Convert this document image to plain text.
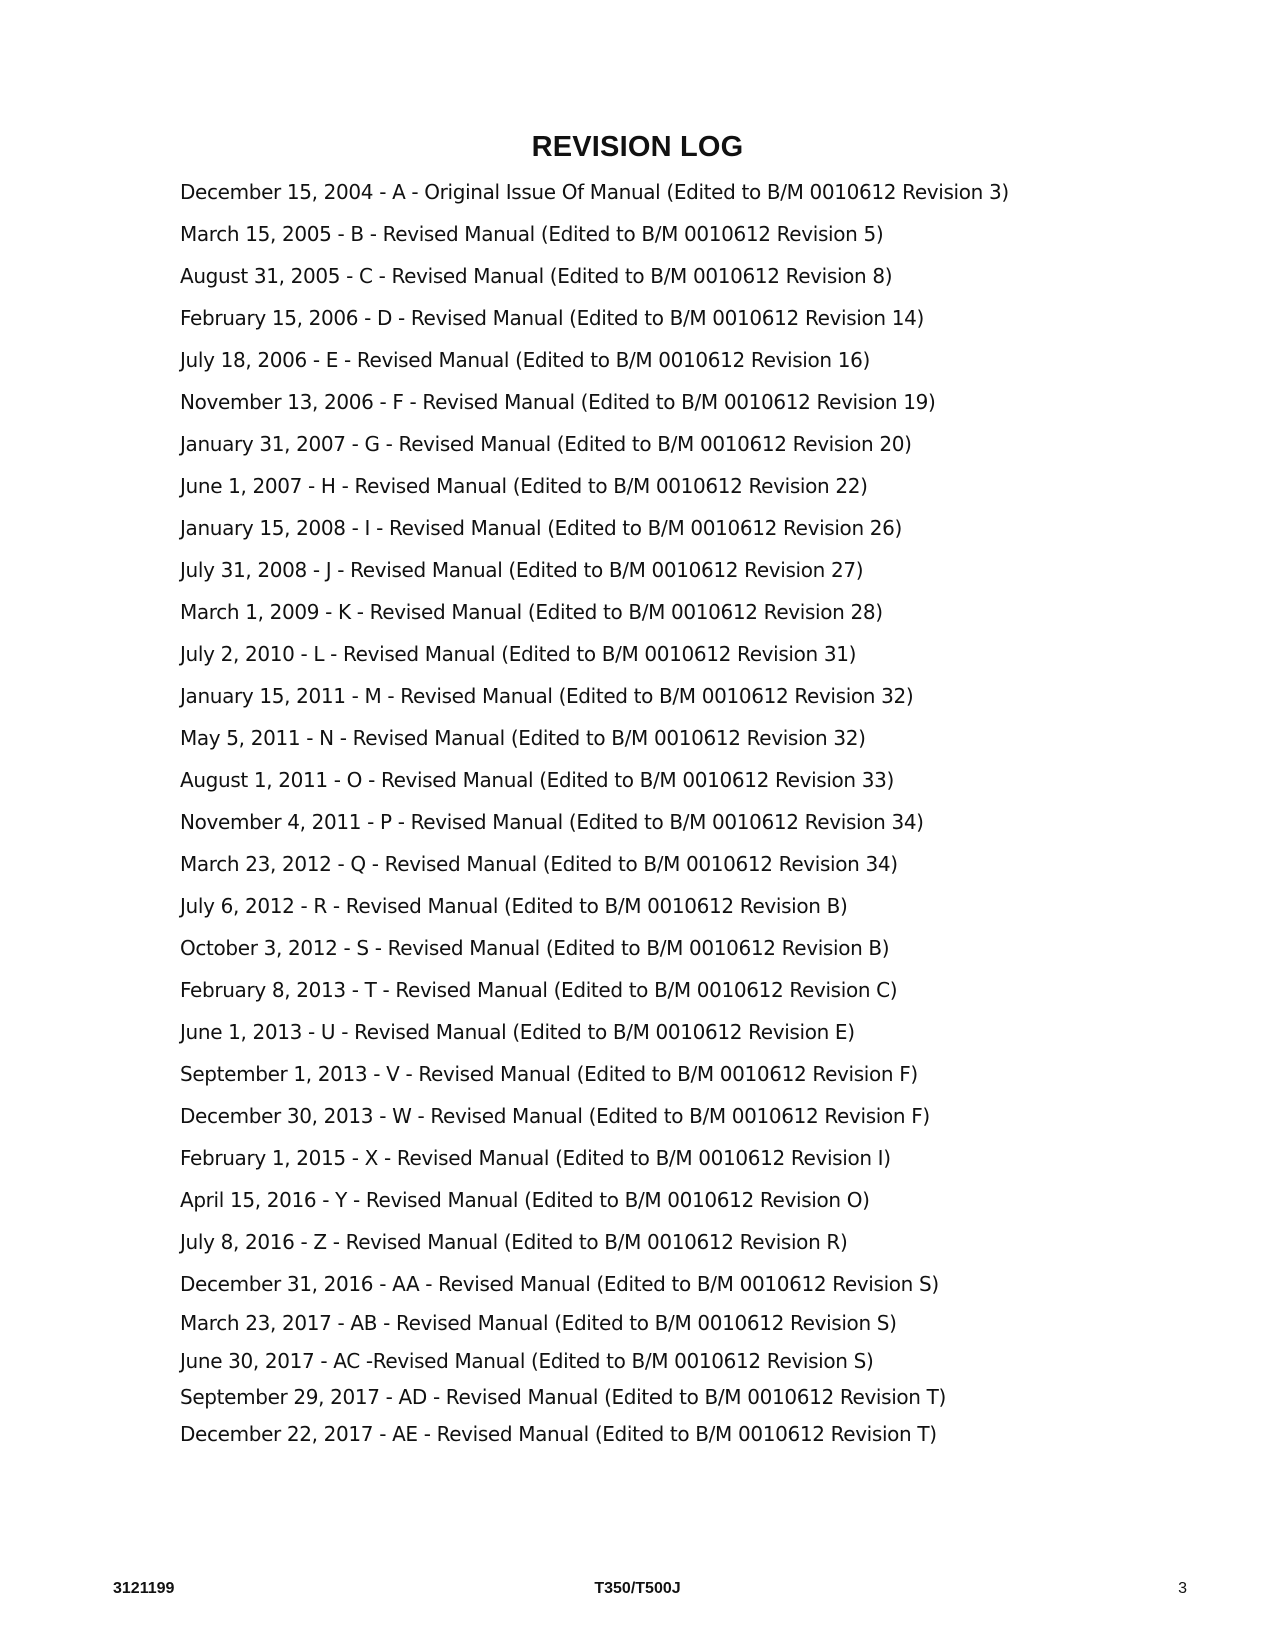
REVISION LOG
December 15, 2004 - A - Original Issue Of Manual (Edited to B/M 0010612 Revision 3)
March 15, 2005 - B - Revised Manual (Edited to B/M 0010612 Revision 5)
August 31, 2005 - C - Revised Manual (Edited to B/M 0010612 Revision 8)
February 15, 2006 - D - Revised Manual (Edited to B/M 0010612 Revision 14)
July 18, 2006 - E - Revised Manual (Edited to B/M 0010612 Revision 16)
November 13, 2006 - F - Revised Manual (Edited to B/M 0010612 Revision 19)
January 31, 2007 - G - Revised Manual (Edited to B/M 0010612 Revision 20)
June 1, 2007 - H - Revised Manual (Edited to B/M 0010612 Revision 22)
January 15, 2008 - I - Revised Manual (Edited to B/M 0010612 Revision 26)
July 31, 2008 - J - Revised Manual (Edited to B/M 0010612 Revision 27)
March 1, 2009 - K - Revised Manual (Edited to B/M 0010612 Revision 28)
July 2, 2010 - L - Revised Manual (Edited to B/M 0010612 Revision 31)
January 15, 2011 - M - Revised Manual (Edited to B/M 0010612 Revision 32)
May 5, 2011 - N - Revised Manual (Edited to B/M 0010612 Revision 32)
August 1, 2011 - O - Revised Manual (Edited to B/M 0010612 Revision 33)
November 4, 2011 - P - Revised Manual (Edited to B/M 0010612 Revision 34)
March 23, 2012 - Q - Revised Manual (Edited to B/M 0010612 Revision 34)
July 6, 2012 - R - Revised Manual (Edited to B/M 0010612 Revision B)
October 3, 2012 - S - Revised Manual (Edited to B/M 0010612 Revision B)
February 8, 2013 - T - Revised Manual (Edited to B/M 0010612 Revision C)
June 1, 2013 - U - Revised Manual (Edited to B/M 0010612 Revision E)
September 1, 2013 - V - Revised Manual (Edited to B/M 0010612 Revision F)
December 30, 2013 - W - Revised Manual (Edited to B/M 0010612 Revision F)
February 1, 2015 - X - Revised Manual (Edited to B/M 0010612 Revision I)
April 15, 2016 - Y - Revised Manual (Edited to B/M 0010612 Revision O)
July 8, 2016 - Z - Revised Manual (Edited to B/M 0010612 Revision R)
December 31, 2016 - AA - Revised Manual (Edited to B/M 0010612 Revision S)
March 23, 2017 - AB - Revised Manual (Edited to B/M 0010612 Revision S)
June 30, 2017 - AC -Revised Manual (Edited to B/M 0010612 Revision S)
September 29, 2017 - AD - Revised Manual (Edited to B/M 0010612 Revision T)
December 22, 2017 - AE - Revised Manual (Edited to B/M 0010612 Revision T)
3121199	T350/T500J	3
